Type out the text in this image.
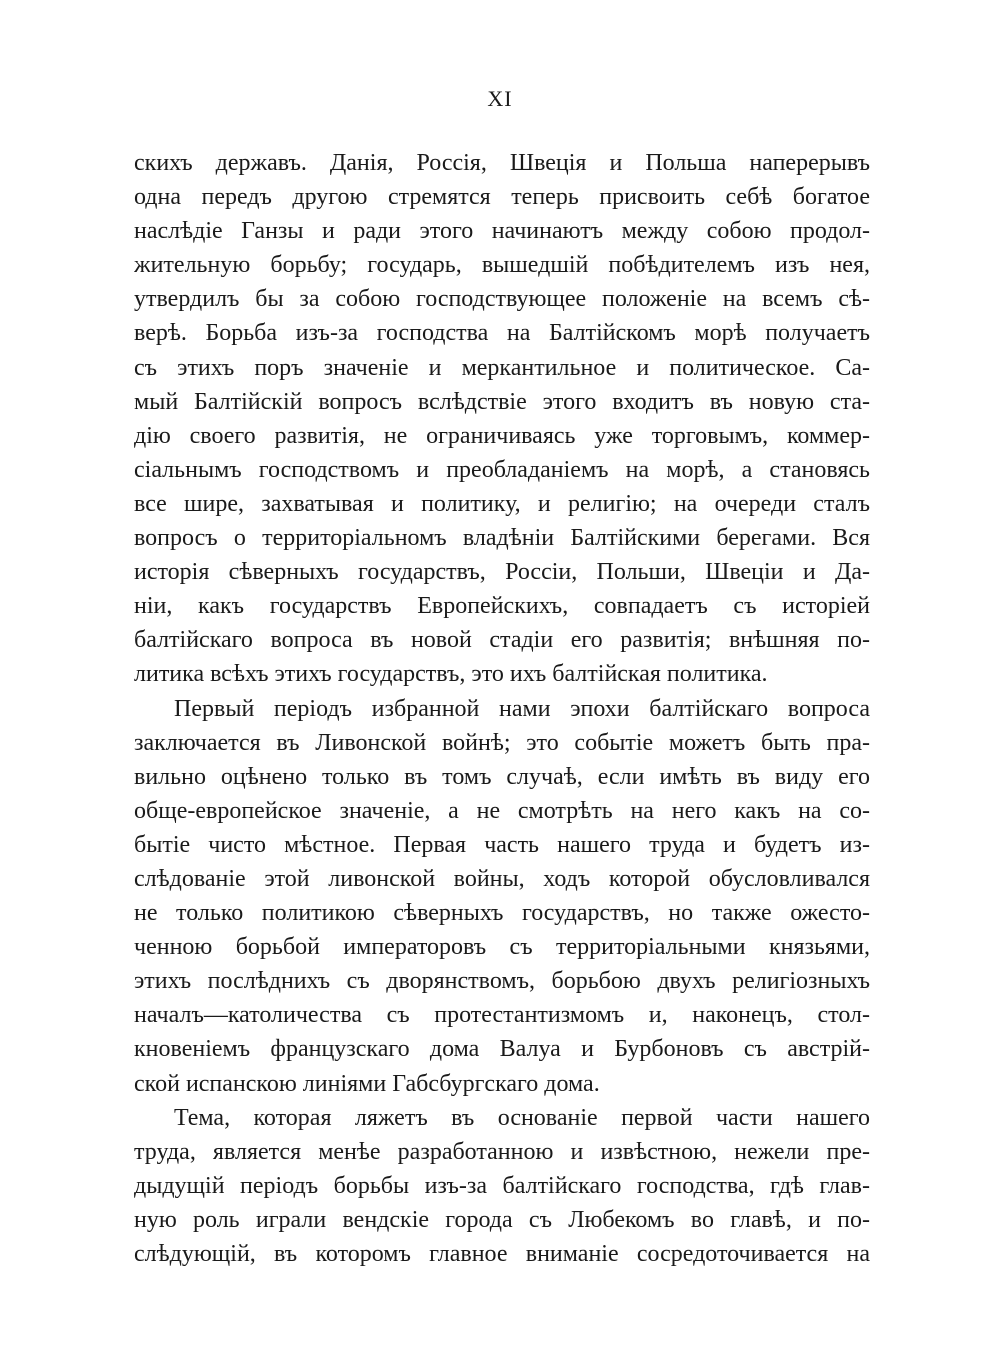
XI
скихъ державъ. Данія, Россія, Швеція и Польша наперерывъ
одна передъ другою стремятся теперь присвоить себѣ богатое
наслѣдіе Ганзы и ради этого начинаютъ между собою продол-
жительную борьбу; государь, вышедшій побѣдителемъ изъ нея,
утвердилъ бы за собою господствующее положеніе на всемъ сѣ-
верѣ. Борьба изъ-за господства на Балтійскомъ морѣ получаетъ
съ этихъ поръ значеніе и меркантильное и политическое. Са-
мый Балтійскій вопросъ вслѣдствіе этого входитъ въ новую ста-
дію своего развитія, не ограничиваясь уже торговымъ, коммер-
сіальнымъ господствомъ и преобладаніемъ на морѣ, а становясь
все шире, захватывая и политику, и религію; на очереди сталъ
вопросъ о территоріальномъ владѣніи Балтійскими берегами. Вся
исторія сѣверныхъ государствъ, Россіи, Польши, Швеціи и Да-
ніи, какъ государствъ Европейскихъ, совпадаетъ съ исторіей
балтійскаго вопроса въ новой стадіи его развитія; внѣшняя по-
литика всѣхъ этихъ государствъ, это ихъ балтійская политика.
Первый періодъ избранной нами эпохи балтійскаго вопроса
заключается въ Ливонской войнѣ; это событіе можетъ быть пра-
вильно оцѣнено только въ томъ случаѣ, если имѣть въ виду его
обще-европейское значеніе, а не смотрѣть на него какъ на со-
бытіе чисто мѣстное. Первая часть нашего труда и будетъ из-
слѣдованіе этой ливонской войны, ходъ которой обусловливался
не только политикою сѣверныхъ государствъ, но также ожесто-
ченною борьбой императоровъ съ территоріальными князьями,
этихъ послѣднихъ съ дворянствомъ, борьбою двухъ религіозныхъ
началъ—католичества съ протестантизмомъ и, наконецъ, стол-
кновеніемъ французскаго дома Валуа и Бурбоновъ съ австрій-
ской испанскою линіями Габсбургскаго дома.
Тема, которая ляжетъ въ основаніе первой части нашего
труда, является менѣе разработанною и извѣстною, нежели пре-
дыдущій періодъ борьбы изъ-за балтійскаго господства, гдѣ глав-
ную роль играли вендскіе города съ Любекомъ во главѣ, и по-
слѣдующій, въ которомъ главное вниманіе сосредоточивается на
